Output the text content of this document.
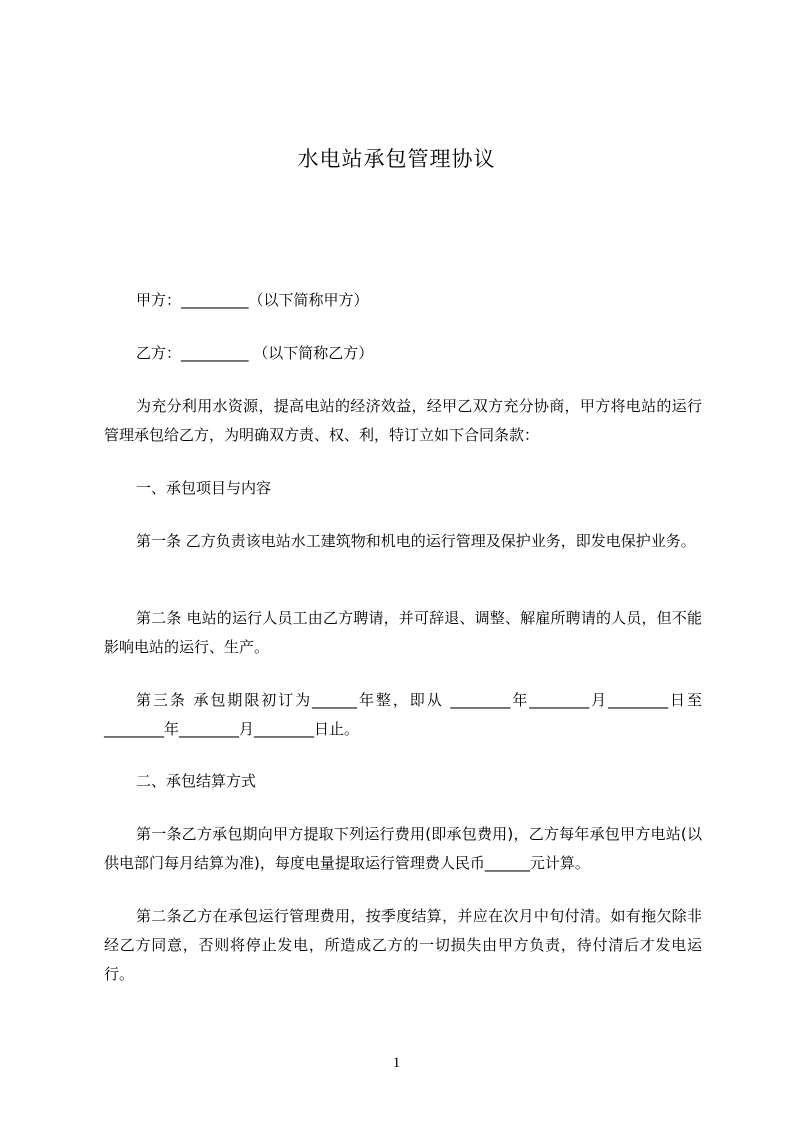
水电站承包管理协议
甲方：_________（以下简称甲方）
乙方：_________ （以下简称乙方）
为充分利用水资源，提高电站的经济效益，经甲乙双方充分协商，甲方将电站的运行管理承包给乙方，为明确双方责、权、利，特订立如下合同条款：
一、承包项目与内容
第一条 乙方负责该电站水工建筑物和机电的运行管理及保护业务，即发电保护业务。
第二条 电站的运行人员工由乙方聘请，并可辞退、调整、解雇所聘请的人员，但不能影响电站的运行、生产。
第三条 承包期限初订为______年整，即从 ________年________月________日至________年________月________日止。
二、承包结算方式
第一条乙方承包期向甲方提取下列运行费用(即承包费用)，乙方每年承包甲方电站(以供电部门每月结算为准)，每度电量提取运行管理费人民币______元计算。
第二条乙方在承包运行管理费用，按季度结算，并应在次月中旬付清。如有拖欠除非经乙方同意，否则将停止发电，所造成乙方的一切损失由甲方负责，待付清后才发电运行。
1
